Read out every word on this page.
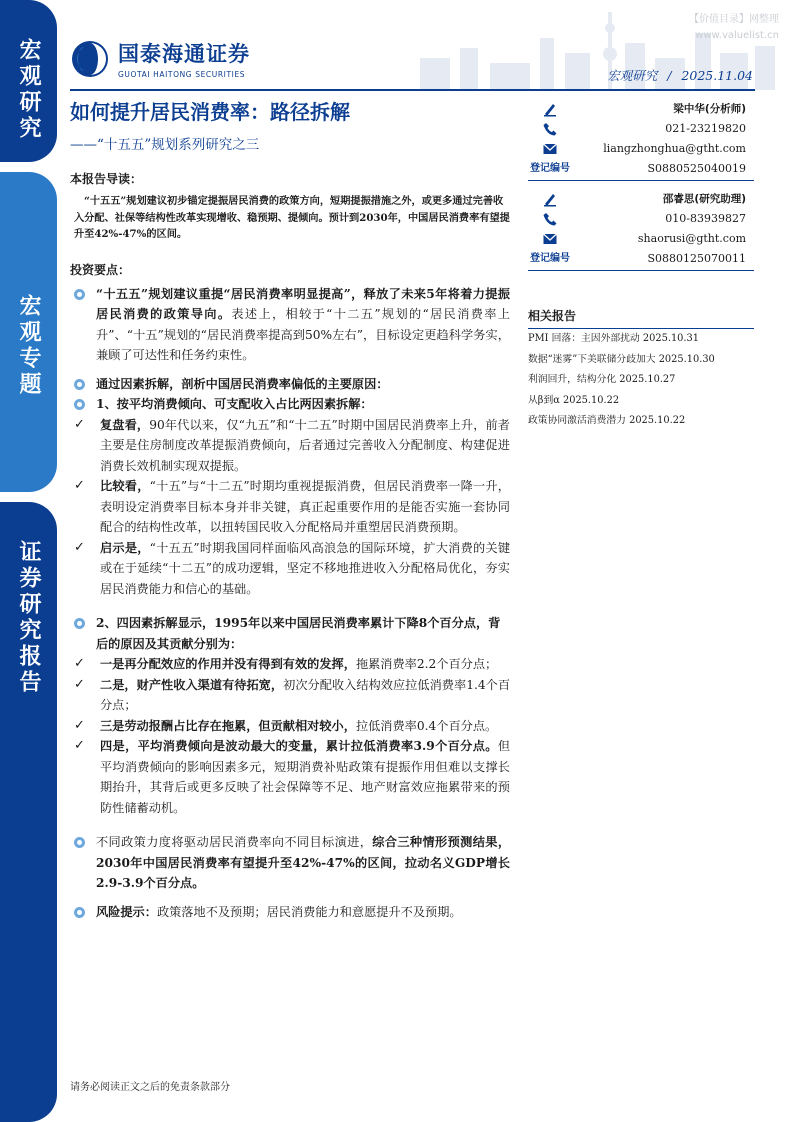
宏观研究
宏观专题
证券研究报告
国泰海通证券
GUOTAI HAITONG SECURITIES
【价值目录】网整理
www.valuelist.cn
宏观研究 / 2025.11.04
如何提升居民消费率：路径拆解
——“十五五”规划系列研究之三
梁中华(分析师)
021-23219820
liangzhonghua@gtht.com
登记编号	S0880525040019
邵睿思(研究助理)
010-83939827
shaorusi@gtht.com
登记编号	S0880125070011
相关报告
PMI 回落：主因外部扰动 2025.10.31
数据“迷雾”下美联储分歧加大 2025.10.30
利润回升，结构分化 2025.10.27
从β到α 2025.10.22
政策协同激活消费潜力 2025.10.22
本报告导读：
“十五五”规划建议初步锚定提振居民消费的政策方向，短期提振措施之外，或更多通过完善收入分配、社保等结构性改革实现增收、稳预期、提倾向。预计到2030年，中国居民消费率有望提升至42%-47%的区间。
投资要点：
“十五五”规划建议重提“居民消费率明显提高”，释放了未来5年将着力提振居民消费的政策导向。表述上，相较于“十二五”规划的“居民消费率上升”、“十五”规划的“居民消费率提高到50%左右”，目标设定更趋科学务实，兼顾了可达性和任务约束性。
通过因素拆解，剖析中国居民消费率偏低的主要原因：
1、按平均消费倾向、可支配收入占比两因素拆解：
✓ 复盘看，90年代以来，仅“九五”和“十二五”时期中国居民消费率上升，前者主要是住房制度改革提振消费倾向，后者通过完善收入分配制度、构建促进消费长效机制实现双提振。
✓ 比较看，“十五”与“十二五”时期均重视提振消费，但居民消费率一降一升，表明设定消费率目标本身并非关键，真正起重要作用的是能否实施一套协同配合的结构性改革，以扭转国民收入分配格局并重塑居民消费预期。
✓ 启示是，“十五五”时期我国同样面临风高浪急的国际环境，扩大消费的关键或在于延续“十二五”的成功逻辑，坚定不移地推进收入分配格局优化，夯实居民消费能力和信心的基础。
2、四因素拆解显示，1995年以来中国居民消费率累计下降8个百分点，背后的原因及其贡献分别为：
✓ 一是再分配效应的作用并没有得到有效的发挥，拖累消费率2.2个百分点；
✓ 二是，财产性收入渠道有待拓宽，初次分配收入结构效应拉低消费率1.4个百分点；
✓ 三是劳动报酬占比存在拖累，但贡献相对较小，拉低消费率0.4个百分点。
✓ 四是，平均消费倾向是波动最大的变量，累计拉低消费率3.9个百分点。但平均消费倾向的影响因素多元，短期消费补贴政策有提振作用但难以支撑长期抬升，其背后或更多反映了社会保障等不足、地产财富效应拖累带来的预防性储蓄动机。
不同政策力度将驱动居民消费率向不同目标演进，综合三种情形预测结果，2030年中国居民消费率有望提升至42%-47%的区间，拉动名义GDP增长2.9-3.9个百分点。
风险提示：政策落地不及预期；居民消费能力和意愿提升不及预期。
请务必阅读正文之后的免责条款部分
